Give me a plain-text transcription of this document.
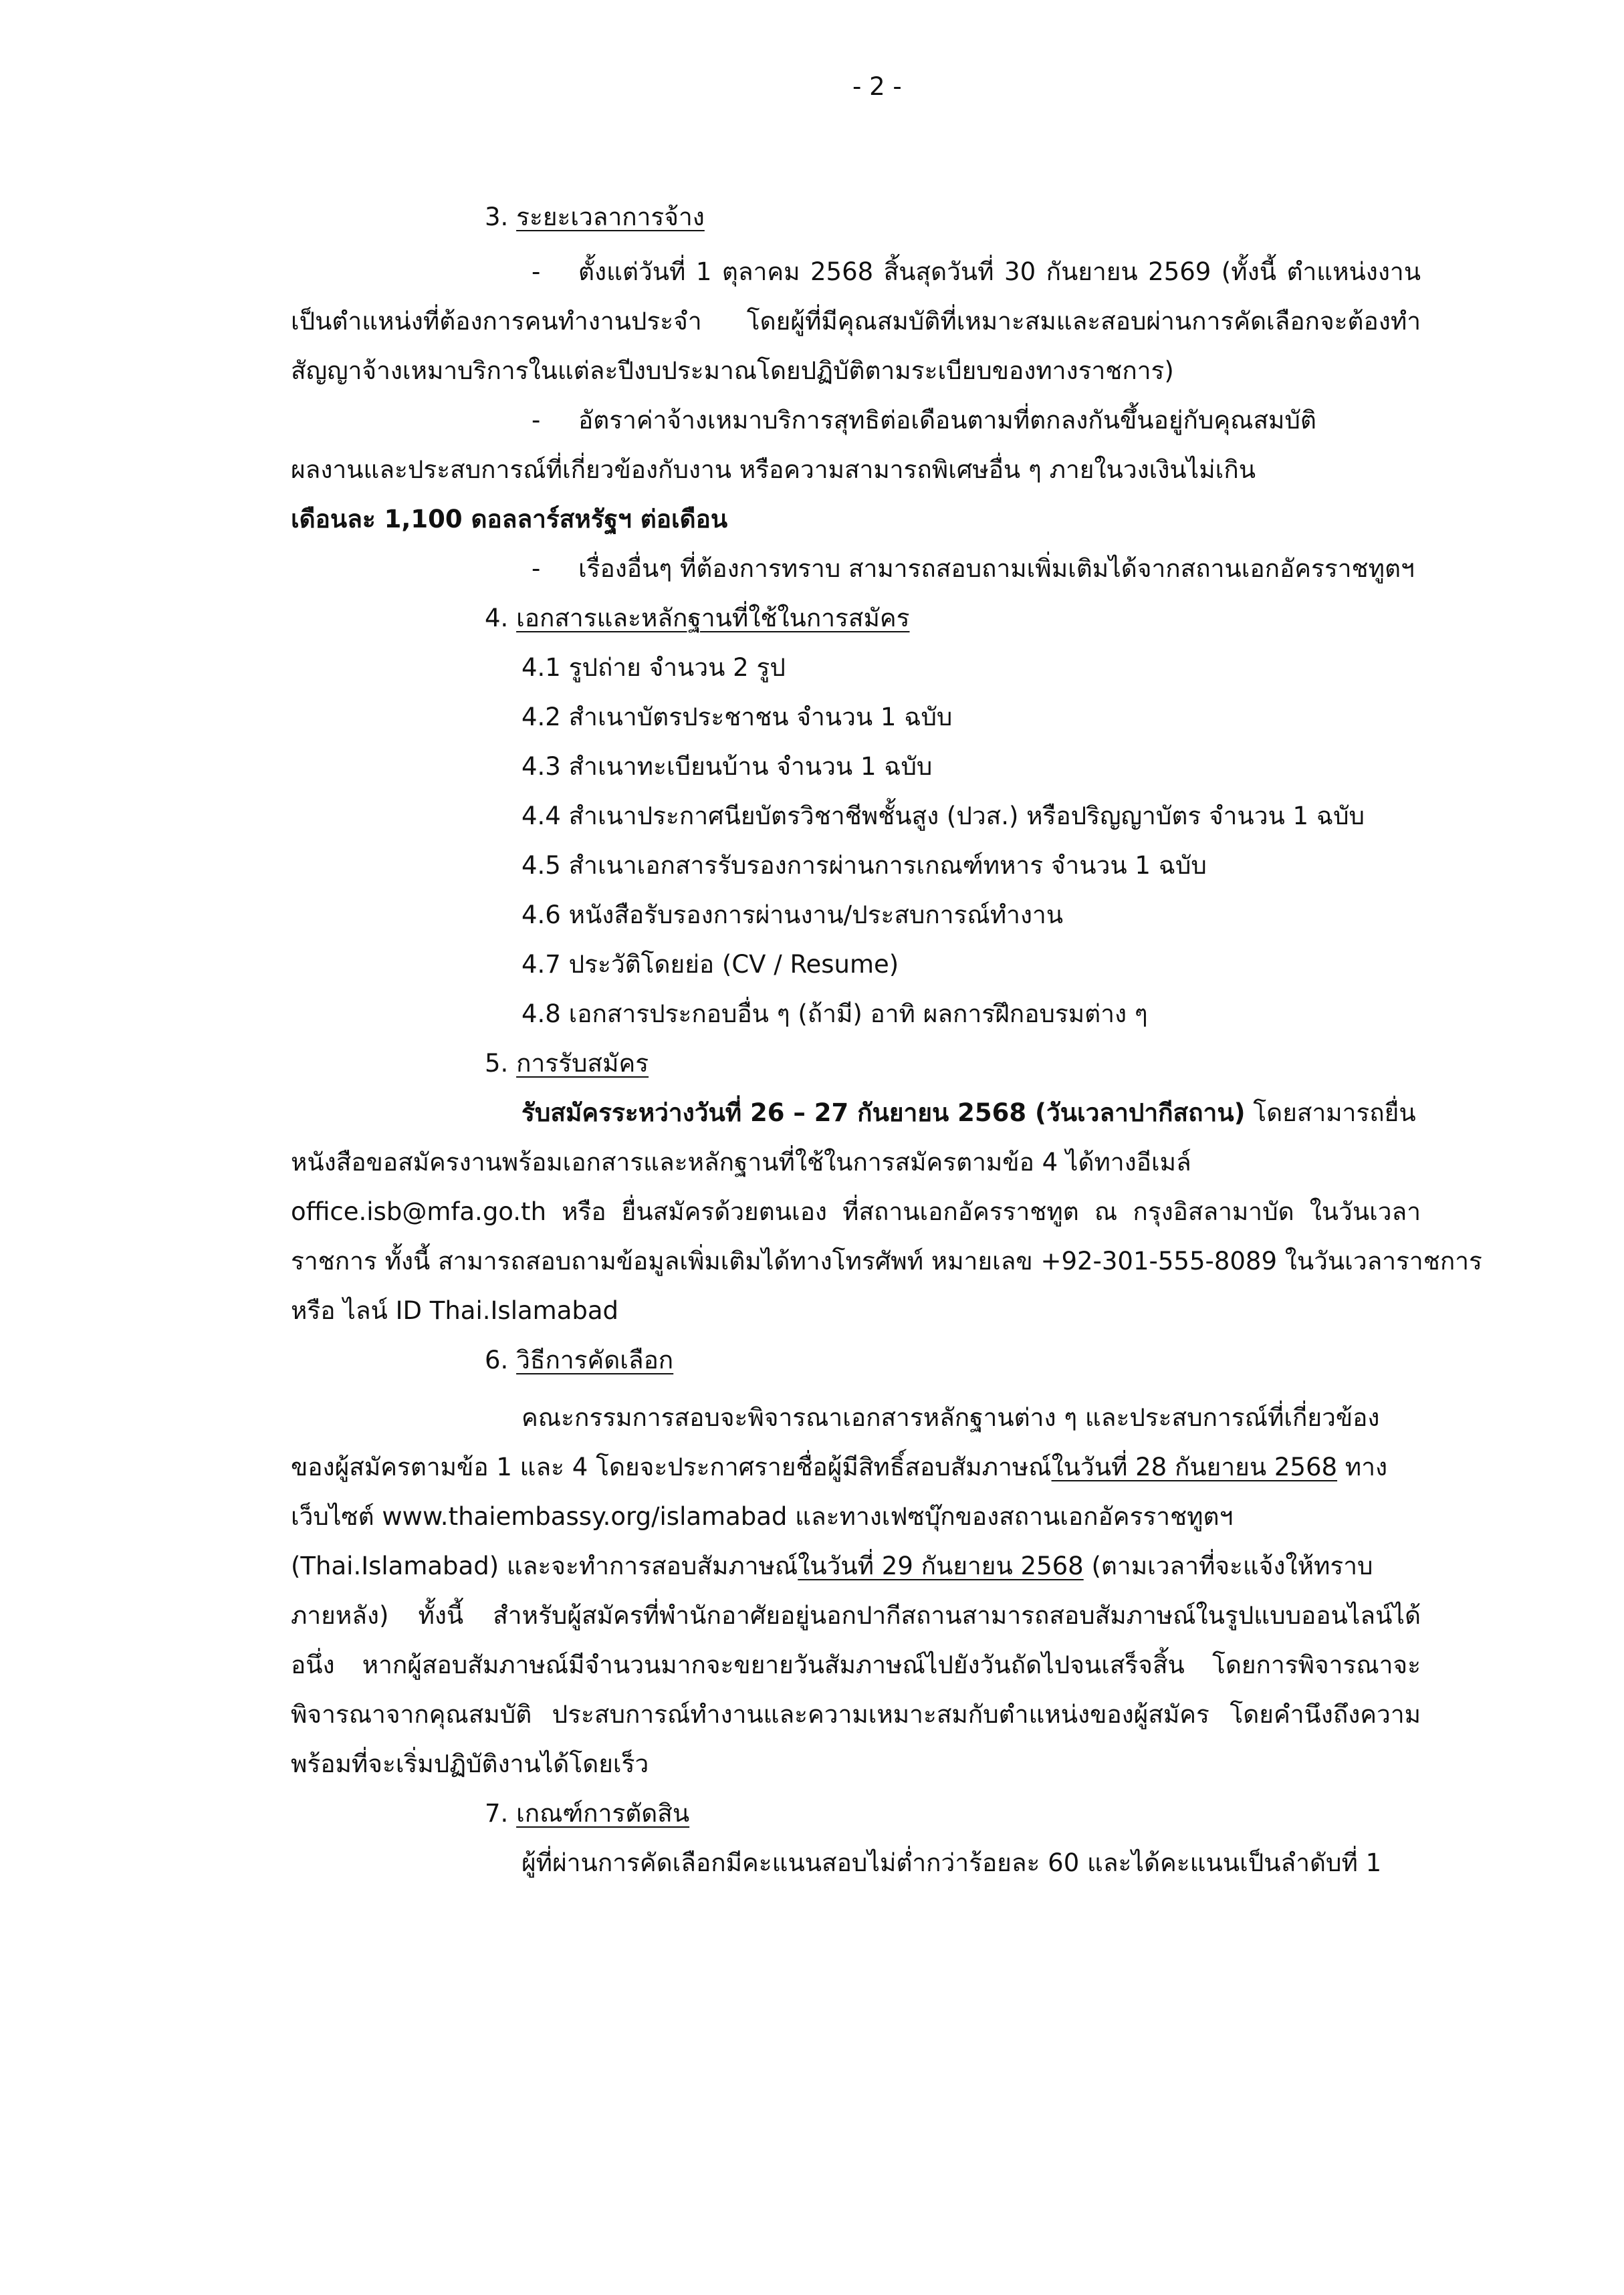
- 2 -

3. ระยะเวลาการจ้าง

- ตั้งแต่วันที่ 1 ตุลาคม 2568 สิ้นสุดวันที่ 30 กันยายน 2569 (ทั้งนี้ ตำแหน่งงาน

เป็นตำแหน่งที่ต้องการคนทำงานประจำ โดยผู้ที่มีคุณสมบัติที่เหมาะสมและสอบผ่านการคัดเลือกจะต้องทำ

สัญญาจ้างเหมาบริการในแต่ละปีงบประมาณโดยปฏิบัติตามระเบียบของทางราชการ)

- อัตราค่าจ้างเหมาบริการสุทธิต่อเดือนตามที่ตกลงกันขึ้นอยู่กับคุณสมบัติ

ผลงานและประสบการณ์ที่เกี่ยวข้องกับงาน หรือความสามารถพิเศษอื่น ๆ ภายในวงเงินไม่เกิน

เดือนละ 1,100 ดอลลาร์สหรัฐฯ ต่อเดือน

- เรื่องอื่นๆ ที่ต้องการทราบ สามารถสอบถามเพิ่มเติมได้จากสถานเอกอัครราชทูตฯ

4. เอกสารและหลักฐานที่ใช้ในการสมัคร

4.1 รูปถ่าย จำนวน 2 รูป

4.2 สำเนาบัตรประชาชน จำนวน 1 ฉบับ

4.3 สำเนาทะเบียนบ้าน จำนวน 1 ฉบับ

4.4 สำเนาประกาศนียบัตรวิชาชีพชั้นสูง (ปวส.) หรือปริญญาบัตร จำนวน 1 ฉบับ

4.5 สำเนาเอกสารรับรองการผ่านการเกณฑ์ทหาร จำนวน 1 ฉบับ

4.6 หนังสือรับรองการผ่านงาน/ประสบการณ์ทำงาน

4.7 ประวัติโดยย่อ (CV / Resume)

4.8 เอกสารประกอบอื่น ๆ (ถ้ามี) อาทิ ผลการฝึกอบรมต่าง ๆ

5. การรับสมัคร

รับสมัครระหว่างวันที่ 26 – 27 กันยายน 2568 (วันเวลาปากีสถาน) โดยสามารถยื่น

หนังสือขอสมัครงานพร้อมเอกสารและหลักฐานที่ใช้ในการสมัครตามข้อ 4 ได้ทางอีเมล์

office.isb@mfa.go.th หรือ ยื่นสมัครด้วยตนเอง ที่สถานเอกอัครราชทูต ณ กรุงอิสลามาบัด ในวันเวลา

ราชการ ทั้งนี้ สามารถสอบถามข้อมูลเพิ่มเติมได้ทางโทรศัพท์ หมายเลข +92-301-555-8089 ในวันเวลาราชการ

หรือ ไลน์ ID Thai.Islamabad

6. วิธีการคัดเลือก

คณะกรรมการสอบจะพิจารณาเอกสารหลักฐานต่าง ๆ และประสบการณ์ที่เกี่ยวข้อง

ของผู้สมัครตามข้อ 1 และ 4 โดยจะประกาศรายชื่อผู้มีสิทธิ์สอบสัมภาษณ์ในวันที่ 28 กันยายน 2568 ทาง

เว็บไซต์ www.thaiembassy.org/islamabad และทางเฟซบุ๊กของสถานเอกอัครราชทูตฯ

(Thai.Islamabad) และจะทำการสอบสัมภาษณ์ในวันที่ 29 กันยายน 2568 (ตามเวลาที่จะแจ้งให้ทราบ

ภายหลัง) ทั้งนี้ สำหรับผู้สมัครที่พำนักอาศัยอยู่นอกปากีสถานสามารถสอบสัมภาษณ์ในรูปแบบออนไลน์ได้

อนึ่ง หากผู้สอบสัมภาษณ์มีจำนวนมากจะขยายวันสัมภาษณ์ไปยังวันถัดไปจนเสร็จสิ้น โดยการพิจารณาจะ

พิจารณาจากคุณสมบัติ ประสบการณ์ทำงานและความเหมาะสมกับตำแหน่งของผู้สมัคร โดยคำนึงถึงความ

พร้อมที่จะเริ่มปฏิบัติงานได้โดยเร็ว

7. เกณฑ์การตัดสิน

ผู้ที่ผ่านการคัดเลือกมีคะแนนสอบไม่ต่ำกว่าร้อยละ 60 และได้คะแนนเป็นลำดับที่ 1
